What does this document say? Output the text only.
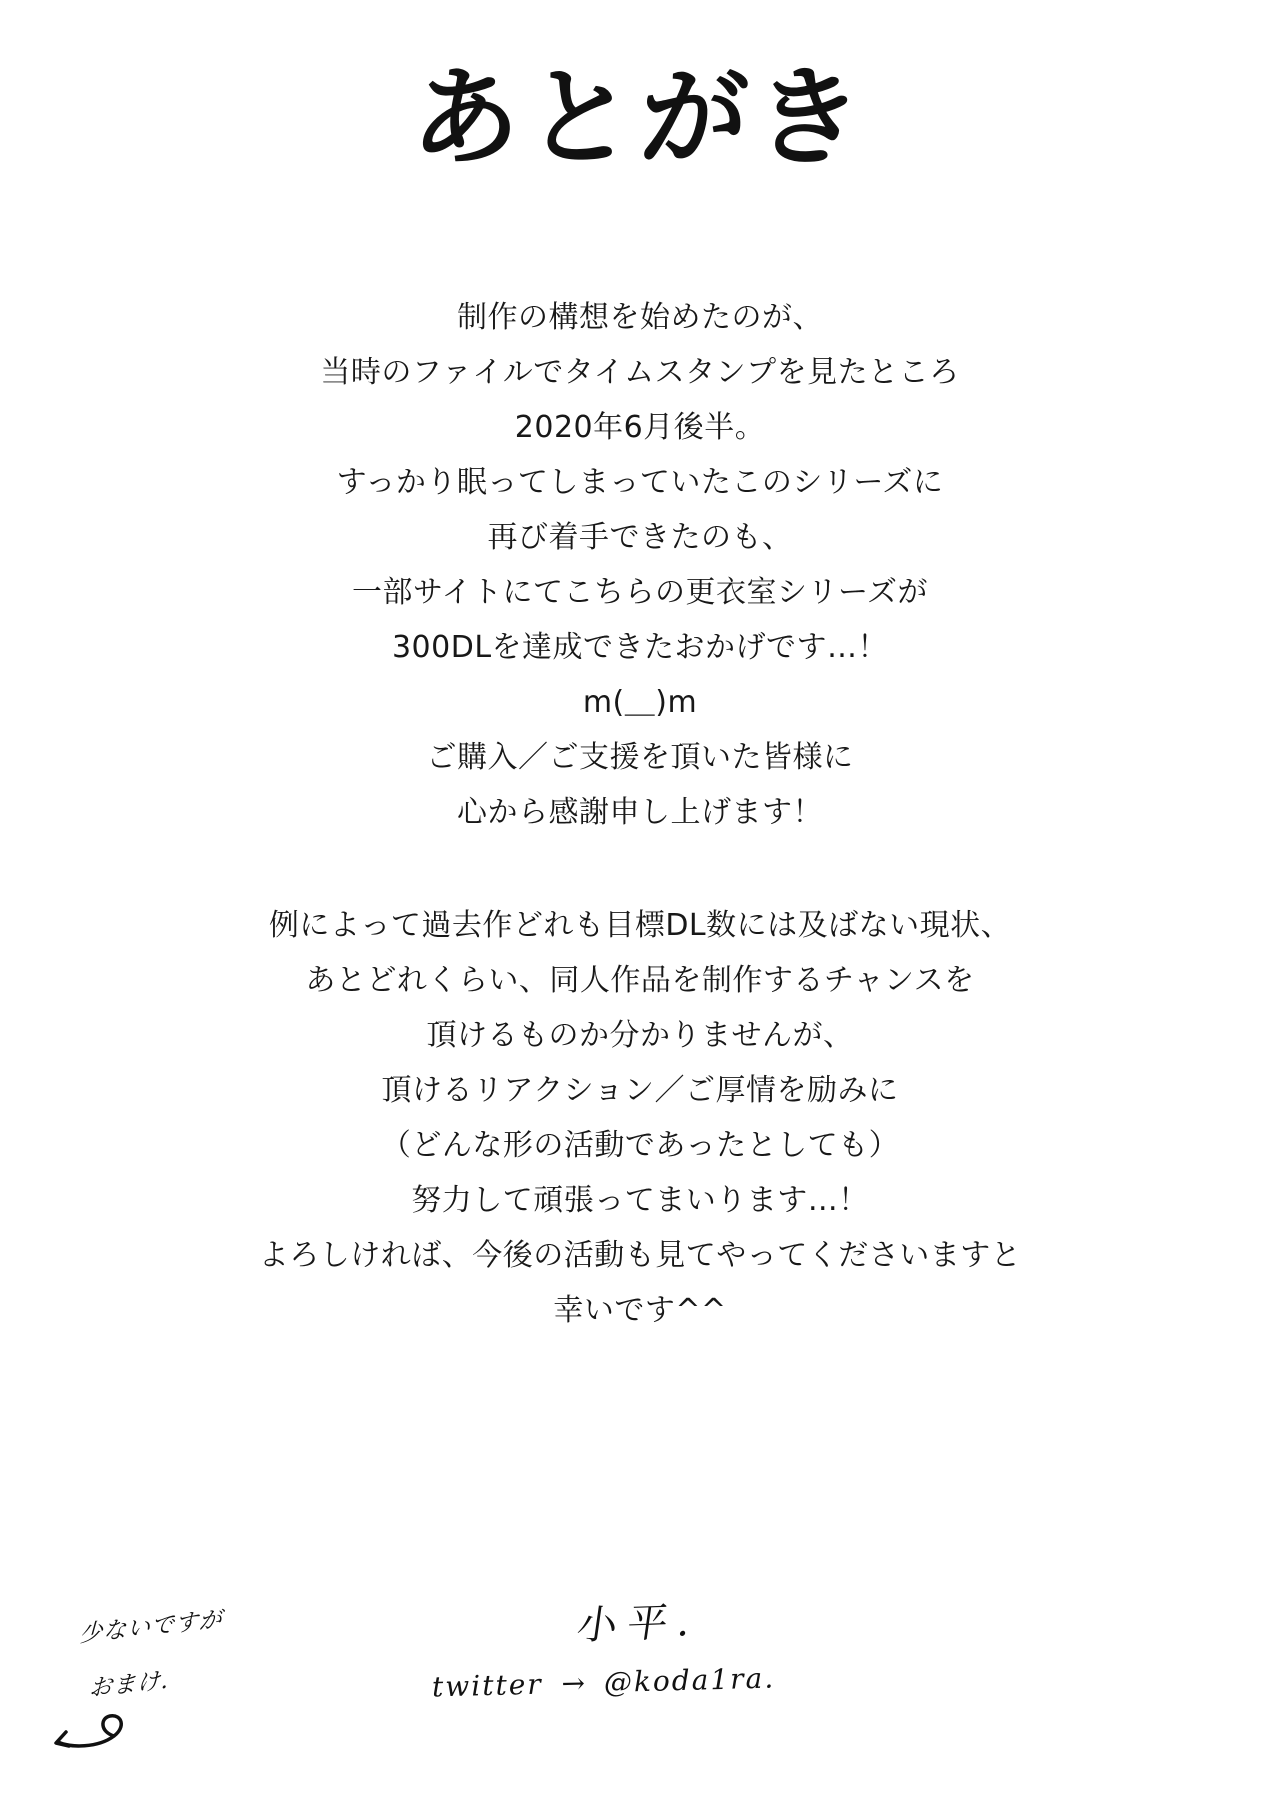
あとがき
制作の構想を始めたのが、
当時のファイルでタイムスタンプを見たところ
2020年6月後半。
すっかり眠ってしまっていたこのシリーズに
再び着手できたのも、
一部サイトにてこちらの更衣室シリーズが
300DLを達成できたおかげです…！
m(＿)m
ご購入／ご支援を頂いた皆様に
心から感謝申し上げます！
例によって過去作どれも目標DL数には及ばない現状、
あとどれくらい、同人作品を制作するチャンスを
頂けるものか分かりませんが、
頂けるリアクション／ご厚情を励みに
（どんな形の活動であったとしても）
努力して頑張ってまいります…！
よろしければ、今後の活動も見てやってくださいますと
幸いです^^
少ないですが
おまけ.
小平.
twitter → @koda1ra.
